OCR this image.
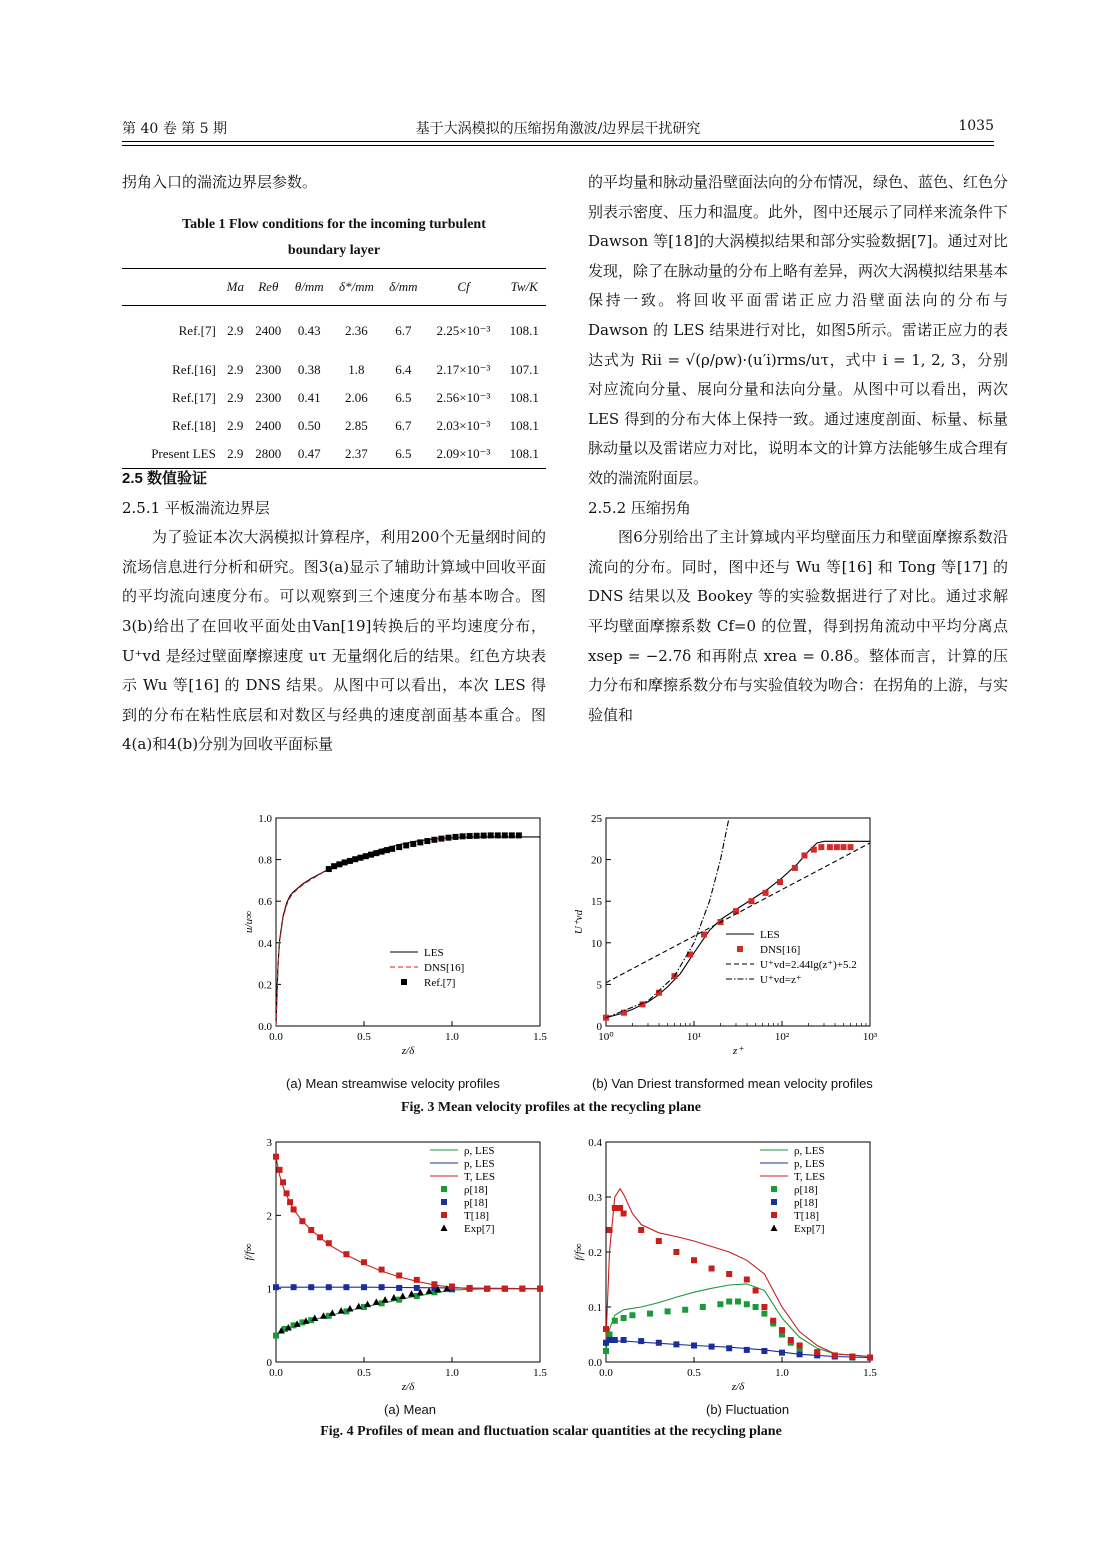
第 40 卷 第 5 期	基于大涡模拟的压缩拐角激波/边界层干扰研究	1035

拐角入口的湍流边界层参数。

Table 1 Flow conditions for the incoming turbulent
boundary layer
	Ma	Reθ	θ/mm	δ*/mm	δ/mm	Cf	Tw/K
Ref.[7]	2.9	2400	0.43	2.36	6.7	2.25×10⁻³	108.1
Ref.[16]	2.9	2300	0.38	1.8	6.4	2.17×10⁻³	107.1
Ref.[17]	2.9	2300	0.41	2.06	6.5	2.56×10⁻³	108.1
Ref.[18]	2.9	2400	0.50	2.85	6.7	2.03×10⁻³	108.1
Present LES	2.9	2800	0.47	2.37	6.5	2.09×10⁻³	108.1

2.5 数值验证

2.5.1 平板湍流边界层

为了验证本次大涡模拟计算程序，利用200个无量纲时间的流场信息进行分析和研究。图3(a)显示了辅助计算域中回收平面的平均流向速度分布。可以观察到三个速度分布基本吻合。图3(b)给出了在回收平面处由Van[19]转换后的平均速度分布，U⁺vd 是经过壁面摩擦速度 uτ 无量纲化后的结果。红色方块表示 Wu 等[16] 的 DNS 结果。从图中可以看出，本次 LES 得到的分布在粘性底层和对数区与经典的速度剖面基本重合。图4(a)和4(b)分别为回收平面标量

的平均量和脉动量沿壁面法向的分布情况，绿色、蓝色、红色分别表示密度、压力和温度。此外，图中还展示了同样来流条件下 Dawson 等[18]的大涡模拟结果和部分实验数据[7]。通过对比发现，除了在脉动量的分布上略有差异，两次大涡模拟结果基本保持一致。将回收平面雷诺正应力沿壁面法向的分布与 Dawson 的 LES 结果进行对比，如图5所示。雷诺正应力的表达式为 Rii = √(ρ/ρw)·(u′i)rms/uτ，式中 i = 1, 2, 3，分别对应流向分量、展向分量和法向分量。从图中可以看出，两次 LES 得到的分布大体上保持一致。通过速度剖面、标量、标量脉动量以及雷诺应力对比，说明本文的计算方法能够生成合理有效的湍流附面层。

2.5.2 压缩拐角

图6分别给出了主计算域内平均壁面压力和壁面摩擦系数沿流向的分布。同时，图中还与 Wu 等[16] 和 Tong 等[17] 的 DNS 结果以及 Bookey 等的实验数据进行了对比。通过求解平均壁面摩擦系数 Cf=0 的位置，得到拐角流动中平均分离点 xsep = −2.7δ 和再附点 xrea = 0.8δ。整体而言，计算的压力分布和摩擦系数分布与实验值较为吻合：在拐角的上游，与实验值和

0.0	0.5	1.0	1.5
0.0
0.2
0.4
0.6
0.8
1.0
z/δ
u/u∞
LES
DNS[16]
Ref.[7]
10⁰	10¹	10²	10³
0
5
10
15
20
25
z⁺
U⁺vd
LES
DNS[16]
U⁺vd=2.44lg(z⁺)+5.2
U⁺vd=z⁺
(a) Mean streamwise velocity profiles	(b) Van Driest transformed mean velocity profiles
Fig. 3 Mean velocity profiles at the recycling plane
0.0	0.5	1.0	1.5
0
1
2
3
z/δ
f/f∞
ρ, LES
p, LES
T, LES
ρ[18]
p[18]
T[18]
Exp[7]
0.0	0.5	1.0	1.5
0.0
0.1
0.2
0.3
0.4
z/δ
f/f∞
ρ, LES
p, LES
T, LES
ρ[18]
p[18]
T[18]
Exp[7]
(a) Mean	(b) Fluctuation
Fig. 4 Profiles of mean and fluctuation scalar quantities at the recycling plane
